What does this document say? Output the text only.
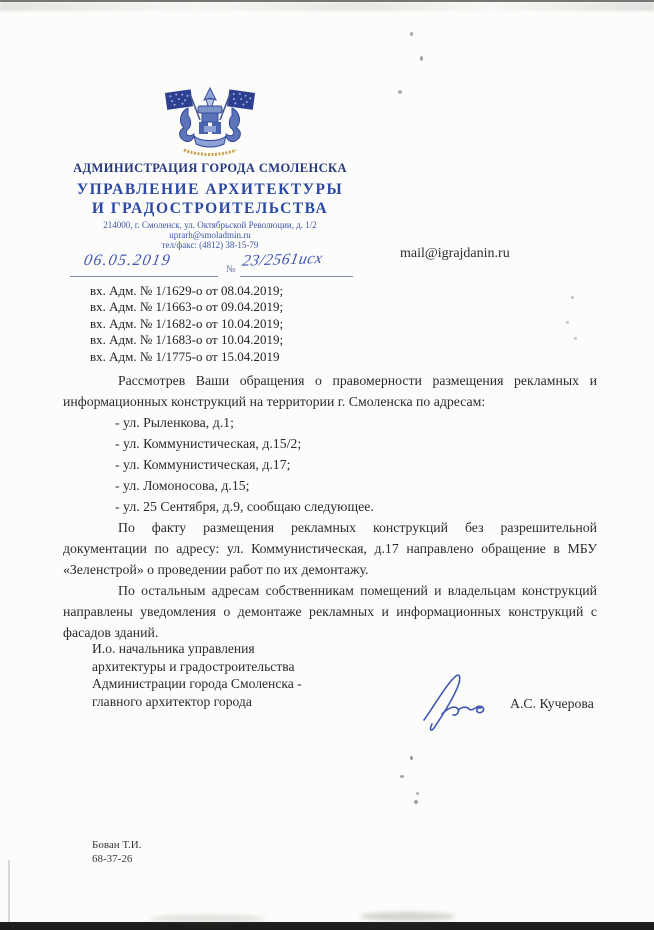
АДМИНИСТРАЦИЯ ГОРОДА СМОЛЕНСКА
УПРАВЛЕНИЕ АРХИТЕКТУРЫ
И ГРАДОСТРОИТЕЛЬСТВА
214000, г. Смоленск, ул. Октябрьской Революции, д. 1/2
uprarh@smoladmin.ru
тел/факс: (4812) 38-15-79
06.05.2019
№ 23/2561исх	mail@igrajdanin.ru
вх. Адм. № 1/1629-о от 08.04.2019;
вх. Адм. № 1/1663-о от 09.04.2019;
вх. Адм. № 1/1682-о от 10.04.2019;
вх. Адм. № 1/1683-о от 10.04.2019;
вх. Адм. № 1/1775-о от 15.04.2019

Рассмотрев Ваши обращения о правомерности размещения рекламных и информационных конструкций на территории г. Смоленска по адресам:

- ул. Рыленкова, д.1;
- ул. Коммунистическая, д.15/2;
- ул. Коммунистическая, д.17;
- ул. Ломоносова, д.15;
- ул. 25 Сентября, д.9, сообщаю следующее.

По факту размещения рекламных конструкций без разрешительной документации по адресу: ул. Коммунистическая, д.17 направлено обращение в МБУ «Зеленстрой» о проведении работ по их демонтажу.

По остальным адресам собственникам помещений и владельцам конструкций направлены уведомления о демонтаже рекламных и информационных конструкций с фасадов зданий.

И.о. начальника управления
архитектуры и градостроительства
Администрации города Смоленска -
главного архитектор города	А.С. Кучерова
Бован Т.И.
68-37-26
